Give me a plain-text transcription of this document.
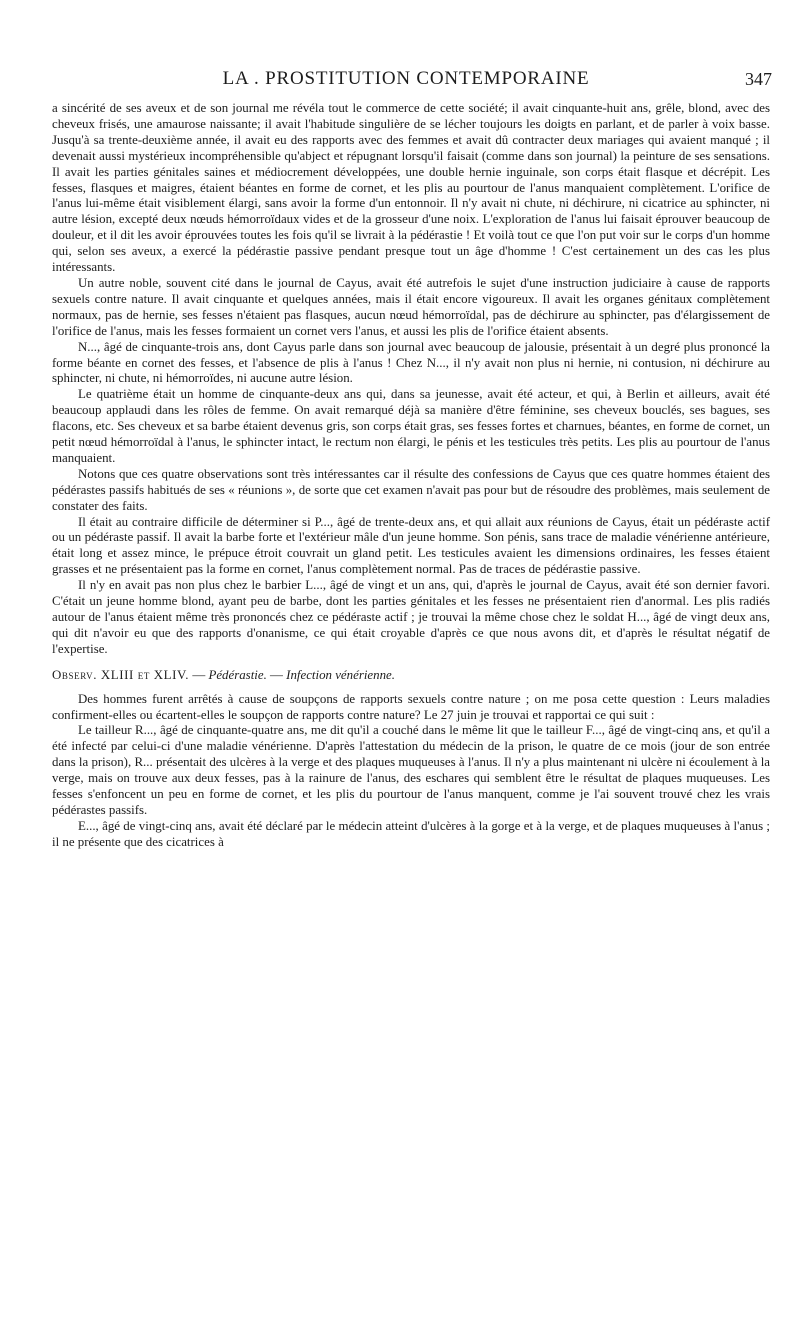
LA . PROSTITUTION CONTEMPORAINE	347

a sincérité de ses aveux et de son journal me révéla tout le commerce de cette société; il avait cinquante-huit ans, grêle, blond, avec des cheveux frisés, une amaurose naissante; il avait l'habitude singulière de se lécher toujours les doigts en parlant, et de parler à voix basse. Jusqu'à sa trente-deuxième année, il avait eu des rapports avec des femmes et avait dû contracter deux mariages qui avaient manqué ; il devenait aussi mystérieux incompréhensible qu'abject et répugnant lorsqu'il faisait (comme dans son journal) la peinture de ses sensations. Il avait les parties génitales saines et médiocrement développées, une double hernie inguinale, son corps était flasque et décrépit. Les fesses, flasques et maigres, étaient béantes en forme de cornet, et les plis au pourtour de l'anus manquaient complètement. L'orifice de l'anus lui-même était visiblement élargi, sans avoir la forme d'un entonnoir. Il n'y avait ni chute, ni déchirure, ni cicatrice au sphincter, ni autre lésion, excepté deux nœuds hémorroïdaux vides et de la grosseur d'une noix. L'exploration de l'anus lui faisait éprouver beaucoup de douleur, et il dit les avoir éprouvées toutes les fois qu'il se livrait à la pédérastie ! Et voilà tout ce que l'on put voir sur le corps d'un homme qui, selon ses aveux, a exercé la pédérastie passive pendant presque tout un âge d'homme ! C'est certainement un des cas les plus intéressants.

Un autre noble, souvent cité dans le journal de Cayus, avait été autrefois le sujet d'une instruction judiciaire à cause de rapports sexuels contre nature. Il avait cinquante et quelques années, mais il était encore vigoureux. Il avait les organes génitaux complètement normaux, pas de hernie, ses fesses n'étaient pas flasques, aucun nœud hémorroïdal, pas de déchirure au sphincter, pas d'élargissement de l'orifice de l'anus, mais les fesses formaient un cornet vers l'anus, et aussi les plis de l'orifice étaient absents.

N..., âgé de cinquante-trois ans, dont Cayus parle dans son journal avec beaucoup de jalousie, présentait à un degré plus prononcé la forme béante en cornet des fesses, et l'absence de plis à l'anus ! Chez N..., il n'y avait non plus ni hernie, ni contusion, ni déchirure au sphincter, ni chute, ni hémorroïdes, ni aucune autre lésion.

Le quatrième était un homme de cinquante-deux ans qui, dans sa jeunesse, avait été acteur, et qui, à Berlin et ailleurs, avait été beaucoup applaudi dans les rôles de femme. On avait remarqué déjà sa manière d'être féminine, ses cheveux bouclés, ses bagues, ses flacons, etc. Ses cheveux et sa barbe étaient devenus gris, son corps était gras, ses fesses fortes et charnues, béantes, en forme de cornet, un petit nœud hémorroïdal à l'anus, le sphincter intact, le rectum non élargi, le pénis et les testicules très petits. Les plis au pourtour de l'anus manquaient.

Notons que ces quatre observations sont très intéressantes car il résulte des confessions de Cayus que ces quatre hommes étaient des pédérastes passifs habitués de ses « réunions », de sorte que cet examen n'avait pas pour but de résoudre des problèmes, mais seulement de constater des faits.

Il était au contraire difficile de déterminer si P..., âgé de trente-deux ans, et qui allait aux réunions de Cayus, était un pédéraste actif ou un pédéraste passif. Il avait la barbe forte et l'extérieur mâle d'un jeune homme. Son pénis, sans trace de maladie vénérienne antérieure, était long et assez mince, le prépuce étroit couvrait un gland petit. Les testicules avaient les dimensions ordinaires, les fesses étaient grasses et ne présentaient pas la forme en cornet, l'anus complètement normal. Pas de traces de pédérastie passive.

Il n'y en avait pas non plus chez le barbier L..., âgé de vingt et un ans, qui, d'après le journal de Cayus, avait été son dernier favori. C'était un jeune homme blond, ayant peu de barbe, dont les parties génitales et les fesses ne présentaient rien d'anormal. Les plis radiés autour de l'anus étaient même très prononcés chez ce pédéraste actif ; je trouvai la même chose chez le soldat H..., âgé de vingt deux ans, qui dit n'avoir eu que des rapports d'onanisme, ce qui était croyable d'après ce que nous avons dit, et d'après le résultat négatif de l'expertise.

Observ. XLIII et XLIV. — Pédérastie. — Infection vénérienne.

Des hommes furent arrêtés à cause de soupçons de rapports sexuels contre nature ; on me posa cette question : Leurs maladies confirment-elles ou écartent-elles le soupçon de rapports contre nature? Le 27 juin je trouvai et rapportai ce qui suit :

Le tailleur R..., âgé de cinquante-quatre ans, me dit qu'il a couché dans le même lit que le tailleur F..., âgé de vingt-cinq ans, et qu'il a été infecté par celui-ci d'une maladie vénérienne. D'après l'attestation du médecin de la prison, le quatre de ce mois (jour de son entrée dans la prison), R... présentait des ulcères à la verge et des plaques muqueuses à l'anus. Il n'y a plus maintenant ni ulcère ni écoulement à la verge, mais on trouve aux deux fesses, pas à la rainure de l'anus, des eschares qui semblent être le résultat de plaques muqueuses. Les fesses s'enfoncent un peu en forme de cornet, et les plis du pourtour de l'anus manquent, comme je l'ai souvent trouvé chez les vrais pédérastes passifs.

E..., âgé de vingt-cinq ans, avait été déclaré par le médecin atteint d'ulcères à la gorge et à la verge, et de plaques muqueuses à l'anus ; il ne présente que des cicatrices à
